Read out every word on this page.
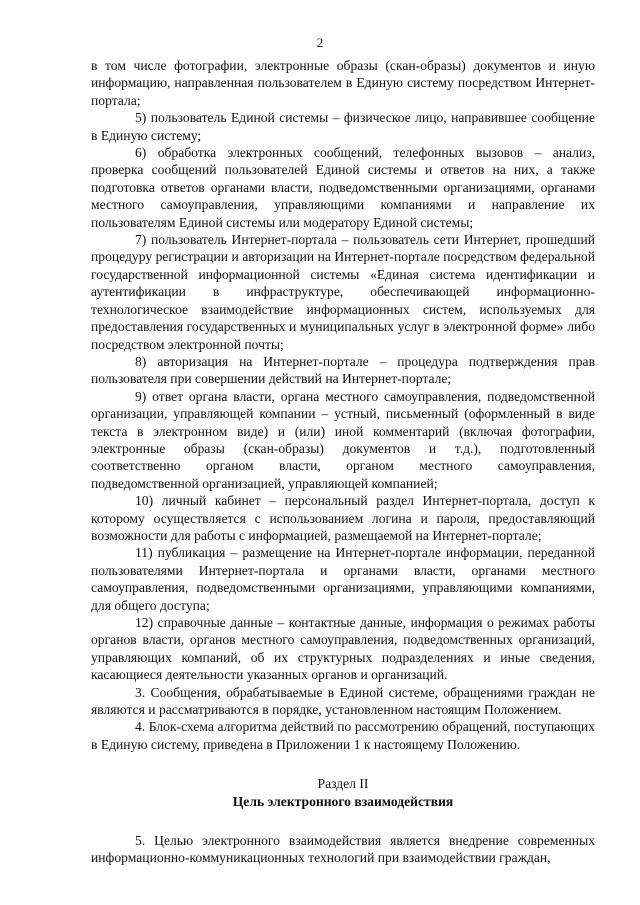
2

в том числе фотографии, электронные образы (скан-образы) документов и иную информацию, направленная пользователем в Единую систему посредством Интернет-портала;

5) пользователь Единой системы – физическое лицо, направившее сообщение в Единую систему;

6) обработка электронных сообщений, телефонных вызовов – анализ, проверка сообщений пользователей Единой системы и ответов на них, а также подготовка ответов органами власти, подведомственными организациями, органами местного самоуправления, управляющими компаниями и направление их пользователям Единой системы или модератору Единой системы;

7) пользователь Интернет-портала – пользователь сети Интернет, прошедший процедуру регистрации и авторизации на Интернет-портале посредством федеральной государственной информационной системы «Единая система идентификации и аутентификации в инфраструктуре, обеспечивающей информационно-технологическое взаимодействие информационных систем, используемых для предоставления государственных и муниципальных услуг в электронной форме» либо посредством электронной почты;

8) авторизация на Интернет-портале – процедура подтверждения прав пользователя при совершении действий на Интернет-портале;

9) ответ органа власти, органа местного самоуправления, подведомственной организации, управляющей компании – устный, письменный (оформленный в виде текста в электронном виде) и (или) иной комментарий (включая фотографии, электронные образы (скан-образы) документов и т.д.), подготовленный соответственно органом власти, органом местного самоуправления, подведомственной организацией, управляющей компанией;

10) личный кабинет – персональный раздел Интернет-портала, доступ к которому осуществляется с использованием логина и пароля, предоставляющий возможности для работы с информацией, размещаемой на Интернет-портале;

11) публикация – размещение на Интернет-портале информации, переданной пользователями Интернет-портала и органами власти, органами местного самоуправления, подведомственными организациями, управляющими компаниями, для общего доступа;

12) справочные данные – контактные данные, информация о режимах работы органов власти, органов местного самоуправления, подведомственных организаций, управляющих компаний, об их структурных подразделениях и иные сведения, касающиеся деятельности указанных органов и организаций.

3. Сообщения, обрабатываемые в Единой системе, обращениями граждан не являются и рассматриваются в порядке, установленном настоящим Положением.

4. Блок-схема алгоритма действий по рассмотрению обращений, поступающих в Единую систему, приведена в Приложении 1 к настоящему Положению.

Раздел II
Цель электронного взаимодействия

5. Целью электронного взаимодействия является внедрение современных информационно-коммуникационных технологий при взаимодействии граждан,
